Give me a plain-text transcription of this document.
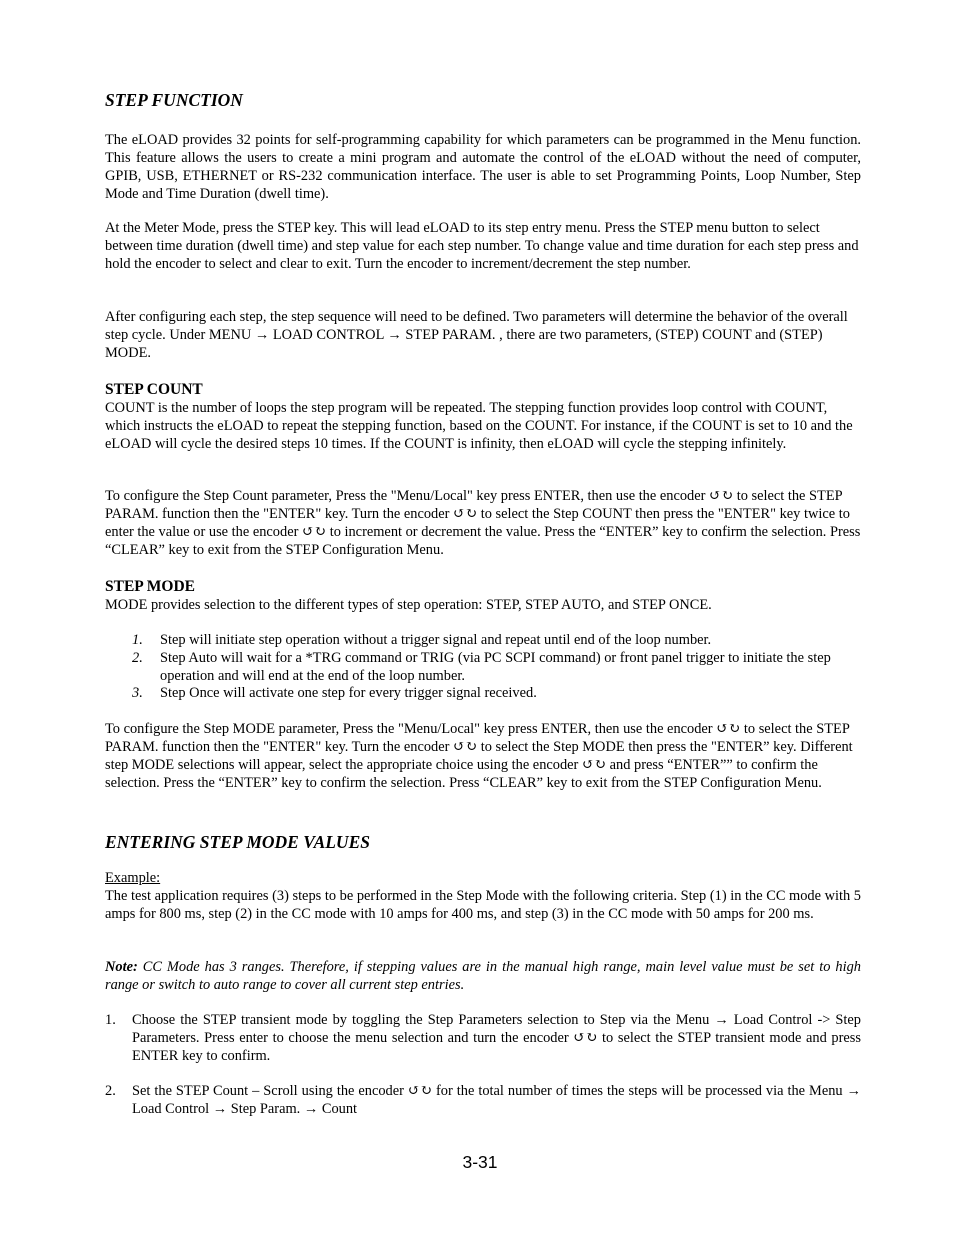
STEP FUNCTION

The eLOAD provides 32 points for self-programming capability for which parameters can be programmed in the Menu function. This feature allows the users to create a mini program and automate the control of the eLOAD without the need of computer, GPIB, USB, ETHERNET or RS-232 communication interface. The user is able to set Programming Points, Loop Number, Step Mode and Time Duration (dwell time).

At the Meter Mode, press the STEP key. This will lead eLOAD to its step entry menu. Press the STEP menu button to select between time duration (dwell time) and step value for each step number. To change value and time duration for each step press and hold the encoder to select and clear to exit. Turn the encoder to increment/decrement the step number.

After configuring each step, the step sequence will need to be defined. Two parameters will determine the behavior of the overall step cycle. Under MENU → LOAD CONTROL → STEP PARAM. , there are two parameters, (STEP) COUNT and (STEP) MODE.

STEP COUNT

COUNT is the number of loops the step program will be repeated. The stepping function provides loop control with COUNT, which instructs the eLOAD to repeat the stepping function, based on the COUNT. For instance, if the COUNT is set to 10 and the eLOAD will cycle the desired steps 10 times. If the COUNT is infinity, then eLOAD will cycle the stepping infinitely.

To configure the Step Count parameter, Press the "Menu/Local" key press ENTER, then use the encoder ↺↻ to select the STEP PARAM. function then the "ENTER" key. Turn the encoder ↺↻ to select the Step COUNT then press the "ENTER" key twice to enter the value or use the encoder ↺↻ to increment or decrement the value. Press the “ENTER” key to confirm the selection. Press “CLEAR” key to exit from the STEP Configuration Menu.

STEP MODE

MODE provides selection to the different types of step operation: STEP, STEP AUTO, and STEP ONCE.

1. Step will initiate step operation without a trigger signal and repeat until end of the loop number.
2. Step Auto will wait for a *TRG command or TRIG (via PC SCPI command) or front panel trigger to initiate the step operation and will end at the end of the loop number.
3. Step Once will activate one step for every trigger signal received.

To configure the Step MODE parameter, Press the "Menu/Local" key press ENTER, then use the encoder ↺↻ to select the STEP PARAM. function then the "ENTER" key. Turn the encoder ↺↻ to select the Step MODE then press the "ENTER” key. Different step MODE selections will appear, select the appropriate choice using the encoder ↺↻ and press “ENTER”” to confirm the selection. Press the “ENTER” key to confirm the selection. Press “CLEAR” key to exit from the STEP Configuration Menu.

ENTERING STEP MODE VALUES
Example:

The test application requires (3) steps to be performed in the Step Mode with the following criteria. Step (1) in the CC mode with 5 amps for 800 ms, step (2) in the CC mode with 10 amps for 400 ms, and step (3) in the CC mode with 50 amps for 200 ms.

Note: CC Mode has 3 ranges. Therefore, if stepping values are in the manual high range, main level value must be set to high range or switch to auto range to cover all current step entries.

1. Choose the STEP transient mode by toggling the Step Parameters selection to Step via the Menu → Load Control -> Step Parameters. Press enter to choose the menu selection and turn the encoder ↺↻ to select the STEP transient mode and press ENTER key to confirm.
2. Set the STEP Count – Scroll using the encoder ↺↻ for the total number of times the steps will be processed via the Menu → Load Control → Step Param. → Count
3-31
